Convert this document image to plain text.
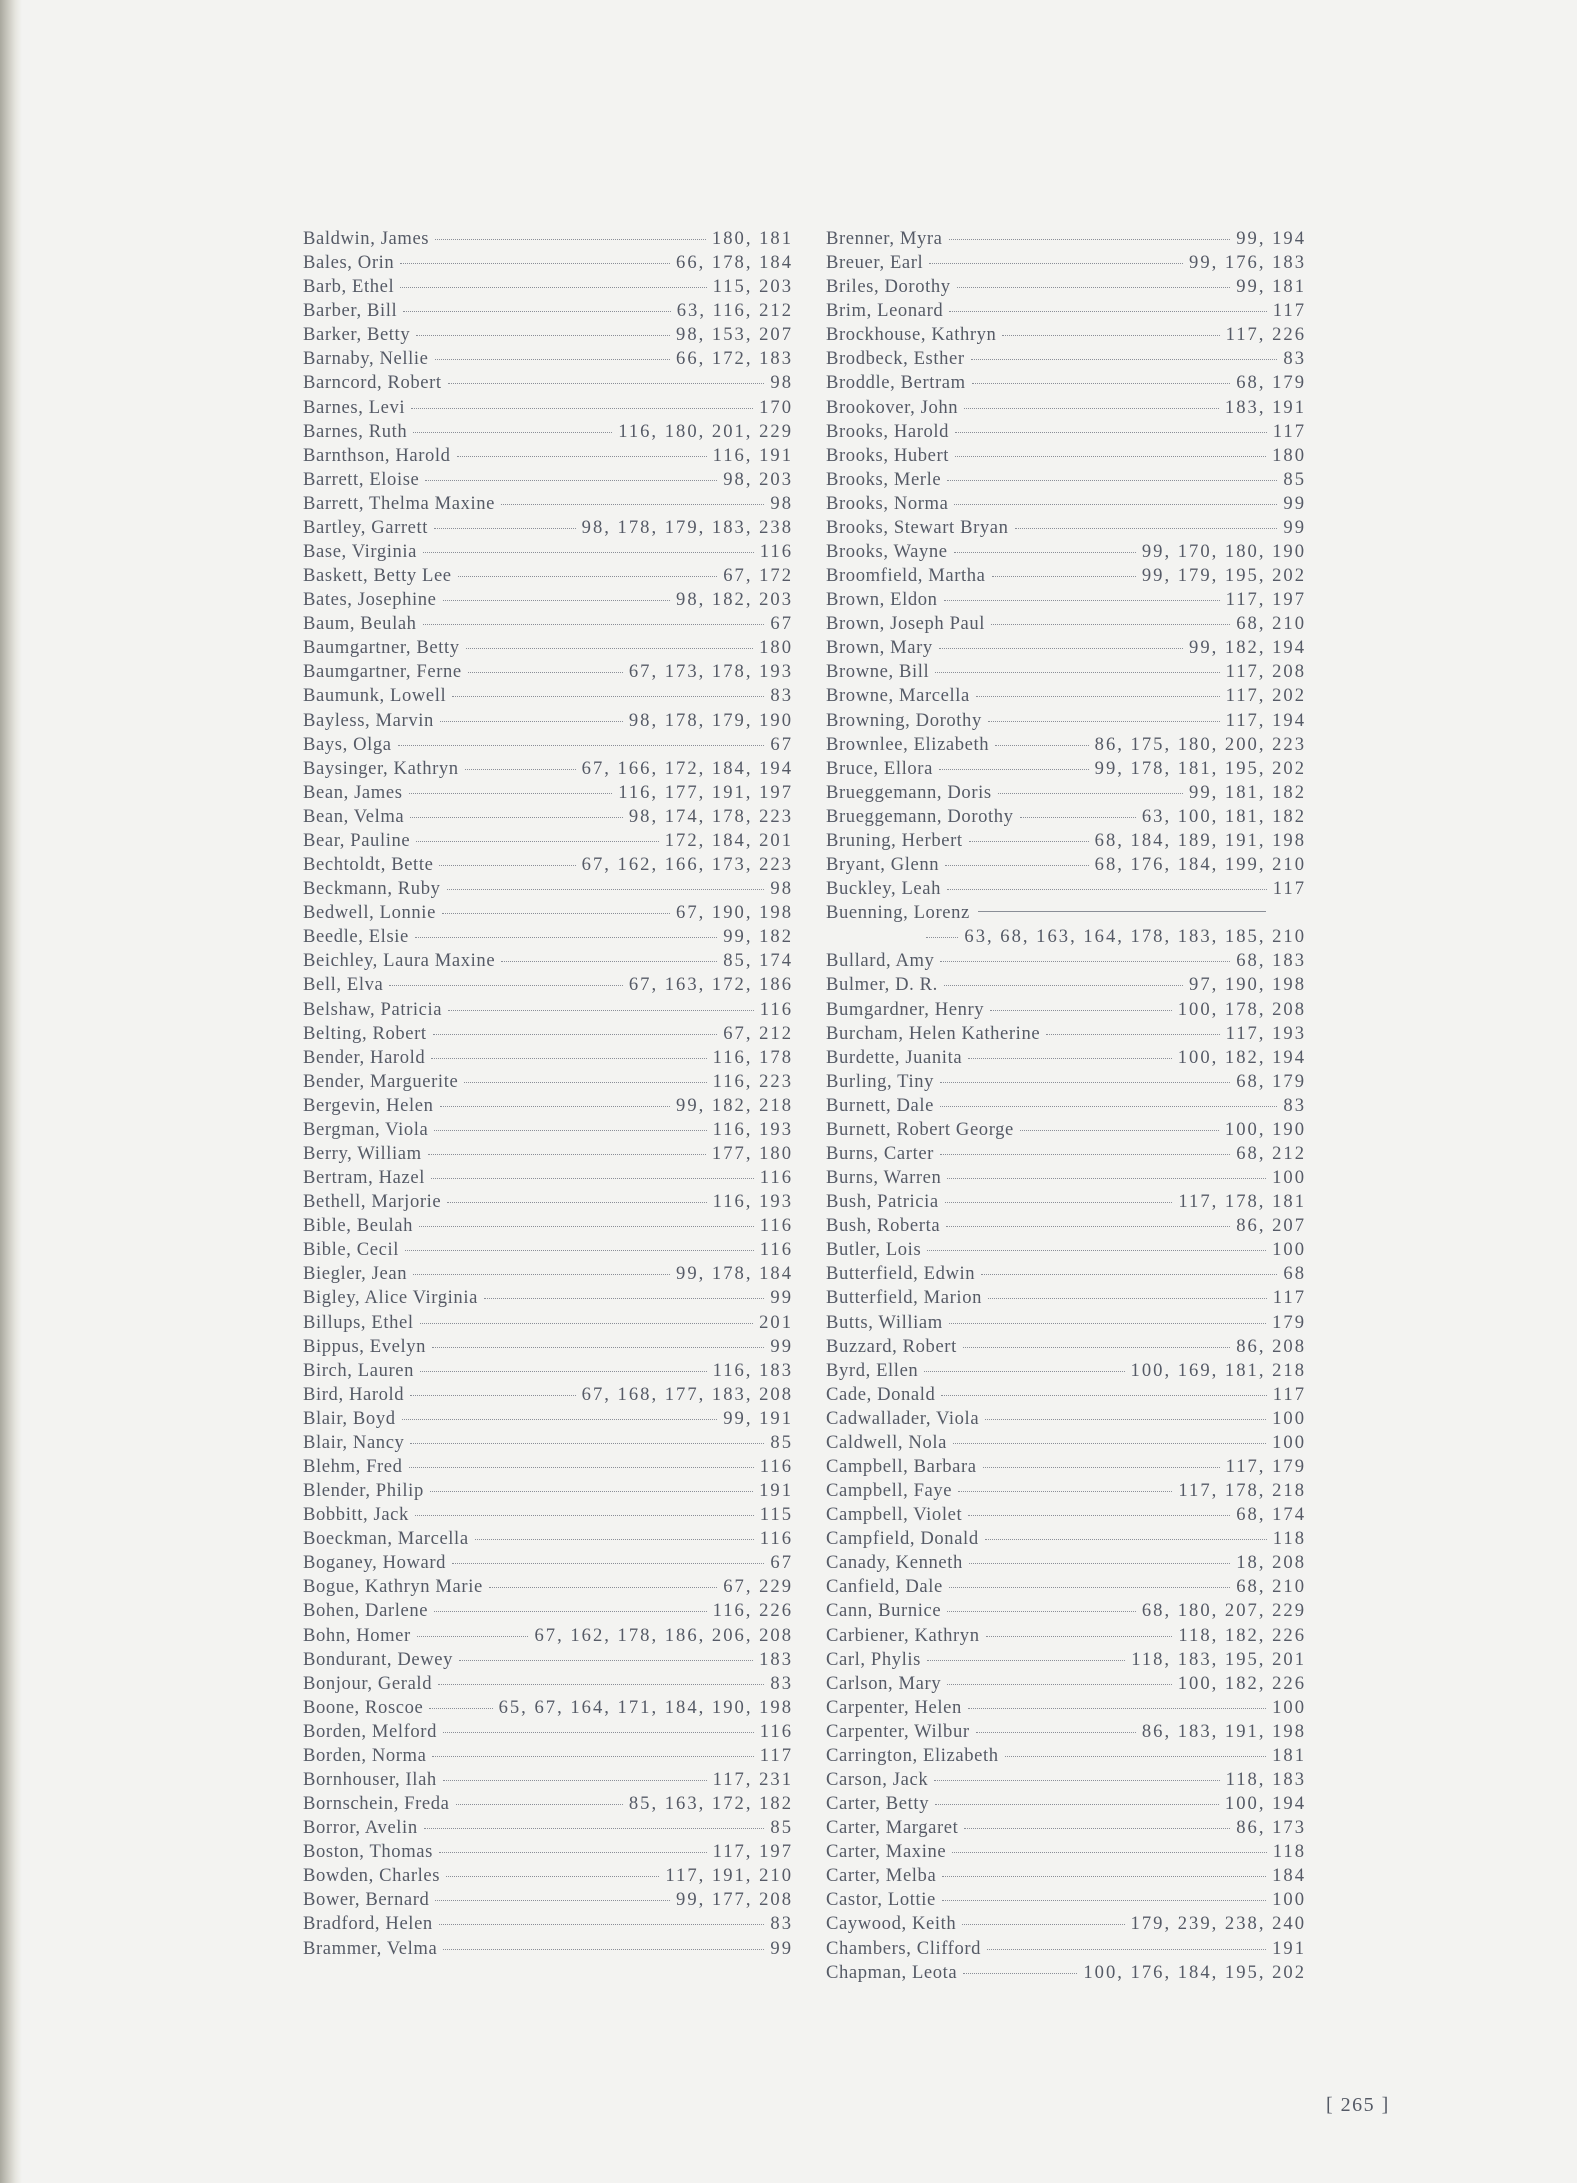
Baldwin, James	180, 181
Bales, Orin	66, 178, 184
Barb, Ethel	115, 203
Barber, Bill	63, 116, 212
Barker, Betty	98, 153, 207
Barnaby, Nellie	66, 172, 183
Barncord, Robert	98
Barnes, Levi	170
Barnes, Ruth	116, 180, 201, 229
Barnthson, Harold	116, 191
Barrett, Eloise	98, 203
Barrett, Thelma Maxine	98
Bartley, Garrett	98, 178, 179, 183, 238
Base, Virginia	116
Baskett, Betty Lee	67, 172
Bates, Josephine	98, 182, 203
Baum, Beulah	67
Baumgartner, Betty	180
Baumgartner, Ferne	67, 173, 178, 193
Baumunk, Lowell	83
Bayless, Marvin	98, 178, 179, 190
Bays, Olga	67
Baysinger, Kathryn	67, 166, 172, 184, 194
Bean, James	116, 177, 191, 197
Bean, Velma	98, 174, 178, 223
Bear, Pauline	172, 184, 201
Bechtoldt, Bette	67, 162, 166, 173, 223
Beckmann, Ruby	98
Bedwell, Lonnie	67, 190, 198
Beedle, Elsie	99, 182
Beichley, Laura Maxine	85, 174
Bell, Elva	67, 163, 172, 186
Belshaw, Patricia	116
Belting, Robert	67, 212
Bender, Harold	116, 178
Bender, Marguerite	116, 223
Bergevin, Helen	99, 182, 218
Bergman, Viola	116, 193
Berry, William	177, 180
Bertram, Hazel	116
Bethell, Marjorie	116, 193
Bible, Beulah	116
Bible, Cecil	116
Biegler, Jean	99, 178, 184
Bigley, Alice Virginia	99
Billups, Ethel	201
Bippus, Evelyn	99
Birch, Lauren	116, 183
Bird, Harold	67, 168, 177, 183, 208
Blair, Boyd	99, 191
Blair, Nancy	85
Blehm, Fred	116
Blender, Philip	191
Bobbitt, Jack	115
Boeckman, Marcella	116
Boganey, Howard	67
Bogue, Kathryn Marie	67, 229
Bohen, Darlene	116, 226
Bohn, Homer	67, 162, 178, 186, 206, 208
Bondurant, Dewey	183
Bonjour, Gerald	83
Boone, Roscoe	65, 67, 164, 171, 184, 190, 198
Borden, Melford	116
Borden, Norma	117
Bornhouser, Ilah	117, 231
Bornschein, Freda	85, 163, 172, 182
Borror, Avelin	85
Boston, Thomas	117, 197
Bowden, Charles	117, 191, 210
Bower, Bernard	99, 177, 208
Bradford, Helen	83
Brammer, Velma	99
Brenner, Myra	99, 194
Breuer, Earl	99, 176, 183
Briles, Dorothy	99, 181
Brim, Leonard	117
Brockhouse, Kathryn	117, 226
Brodbeck, Esther	83
Broddle, Bertram	68, 179
Brookover, John	183, 191
Brooks, Harold	117
Brooks, Hubert	180
Brooks, Merle	85
Brooks, Norma	99
Brooks, Stewart Bryan	99
Brooks, Wayne	99, 170, 180, 190
Broomfield, Martha	99, 179, 195, 202
Brown, Eldon	117, 197
Brown, Joseph Paul	68, 210
Brown, Mary	99, 182, 194
Browne, Bill	117, 208
Browne, Marcella	117, 202
Browning, Dorothy	117, 194
Brownlee, Elizabeth	86, 175, 180, 200, 223
Bruce, Ellora	99, 178, 181, 195, 202
Brueggemann, Doris	99, 181, 182
Brueggemann, Dorothy	63, 100, 181, 182
Bruning, Herbert	68, 184, 189, 191, 198
Bryant, Glenn	68, 176, 184, 199, 210
Buckley, Leah	117
Buenning, Lorenz
63, 68, 163, 164, 178, 183, 185, 210
Bullard, Amy	68, 183
Bulmer, D. R.	97, 190, 198
Bumgardner, Henry	100, 178, 208
Burcham, Helen Katherine	117, 193
Burdette, Juanita	100, 182, 194
Burling, Tiny	68, 179
Burnett, Dale	83
Burnett, Robert George	100, 190
Burns, Carter	68, 212
Burns, Warren	100
Bush, Patricia	117, 178, 181
Bush, Roberta	86, 207
Butler, Lois	100
Butterfield, Edwin	68
Butterfield, Marion	117
Butts, William	179
Buzzard, Robert	86, 208
Byrd, Ellen	100, 169, 181, 218
Cade, Donald	117
Cadwallader, Viola	100
Caldwell, Nola	100
Campbell, Barbara	117, 179
Campbell, Faye	117, 178, 218
Campbell, Violet	68, 174
Campfield, Donald	118
Canady, Kenneth	18, 208
Canfield, Dale	68, 210
Cann, Burnice	68, 180, 207, 229
Carbiener, Kathryn	118, 182, 226
Carl, Phylis	118, 183, 195, 201
Carlson, Mary	100, 182, 226
Carpenter, Helen	100
Carpenter, Wilbur	86, 183, 191, 198
Carrington, Elizabeth	181
Carson, Jack	118, 183
Carter, Betty	100, 194
Carter, Margaret	86, 173
Carter, Maxine	118
Carter, Melba	184
Castor, Lottie	100
Caywood, Keith	179, 239, 238, 240
Chambers, Clifford	191
Chapman, Leota	100, 176, 184, 195, 202
[ 265 ]
